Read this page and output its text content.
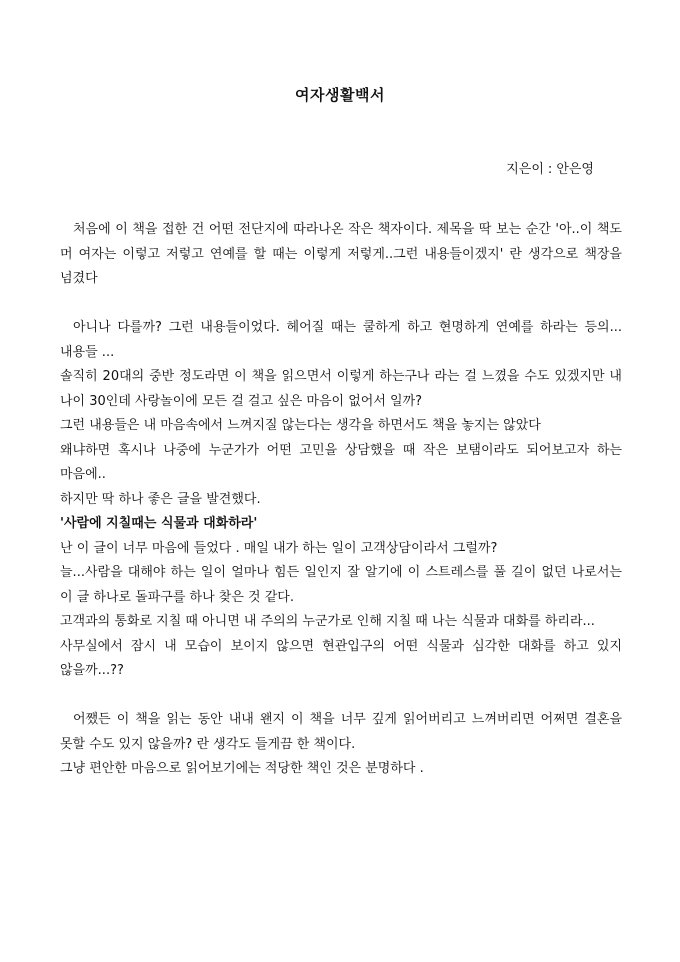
여자생활백서
지은이 : 안은영

처음에 이 책을 접한 건 어떤 전단지에 따라나온 작은 책자이다. 제목을 딱 보는 순간 '아..이 책도 머 여자는 이렇고 저렇고 연예를 할 때는 이렇게 저렇게..그런 내용들이겠지' 란 생각으로 책장을 넘겼다

아니나 다를까? 그런 내용들이었다. 헤어질 때는 쿨하게 하고 현명하게 연예를 하라는 등의...내용들 ...

솔직히 20대의 중반 정도라면 이 책을 읽으면서 이렇게 하는구나 라는 걸 느꼈을 수도 있겠지만 내 나이 30인데 사랑놀이에 모든 걸 걸고 싶은 마음이 없어서 일까?

그런 내용들은 내 마음속에서 느껴지질 않는다는 생각을 하면서도 책을 놓지는 않았다

왜냐하면 혹시나 나중에 누군가가 어떤 고민을 상담했을 때 작은 보탬이라도 되어보고자 하는 마음에..

하지만 딱 하나 좋은 글을 발견했다.

'사람에 지칠때는 식물과 대화하라'

난 이 글이 너무 마음에 들었다 . 매일 내가 하는 일이 고객상담이라서 그럴까?

늘...사람을 대해야 하는 일이 얼마나 힘든 일인지 잘 알기에 이 스트레스를 풀 길이 없던 나로서는 이 글 하나로 돌파구를 하나 찾은 것 같다.

고객과의 통화로 지칠 때 아니면 내 주의의 누군가로 인해 지칠 때 나는 식물과 대화를 하리라...

사무실에서 잠시 내 모습이 보이지 않으면 현관입구의 어떤 식물과 심각한 대화를 하고 있지 않을까...??

어쨌든 이 책을 읽는 동안 내내 왠지 이 책을 너무 깊게 읽어버리고 느껴버리면 어쩌면 결혼을 못할 수도 있지 않을까? 란 생각도 들게끔 한 책이다.

그냥 편안한 마음으로 읽어보기에는 적당한 책인 것은 분명하다 .
